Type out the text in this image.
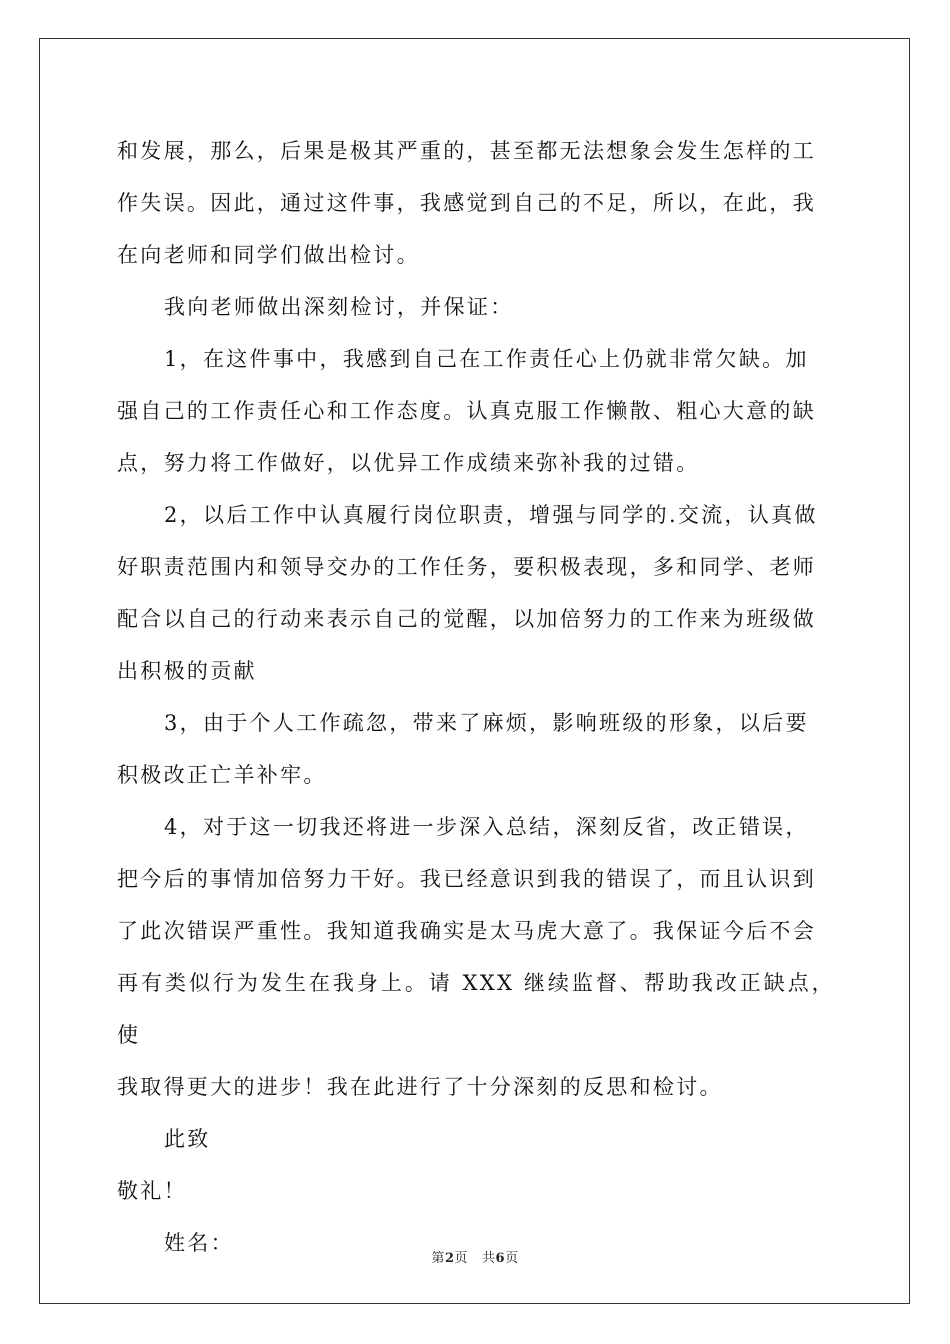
和发展，那么，后果是极其严重的，甚至都无法想象会发生怎样的工
作失误。因此，通过这件事，我感觉到自己的不足，所以，在此，我
在向老师和同学们做出检讨。

我向老师做出深刻检讨，并保证：

1，在这件事中，我感到自己在工作责任心上仍就非常欠缺。加
强自己的工作责任心和工作态度。认真克服工作懒散、粗心大意的缺
点，努力将工作做好，以优异工作成绩来弥补我的过错。

2，以后工作中认真履行岗位职责，增强与同学的.交流，认真做
好职责范围内和领导交办的工作任务，要积极表现，多和同学、老师
配合以自己的行动来表示自己的觉醒，以加倍努力的工作来为班级做
出积极的贡献

3，由于个人工作疏忽，带来了麻烦，影响班级的形象，以后要
积极改正亡羊补牢。

4，对于这一切我还将进一步深入总结，深刻反省，改正错误，
把今后的事情加倍努力干好。我已经意识到我的错误了，而且认识到
了此次错误严重性。我知道我确实是太马虎大意了。我保证今后不会
再有类似行为发生在我身上。请 XXX 继续监督、帮助我改正缺点，使
我取得更大的进步！我在此进行了十分深刻的反思和检讨。

此致

敬礼！

姓名：

第2页 共6页
